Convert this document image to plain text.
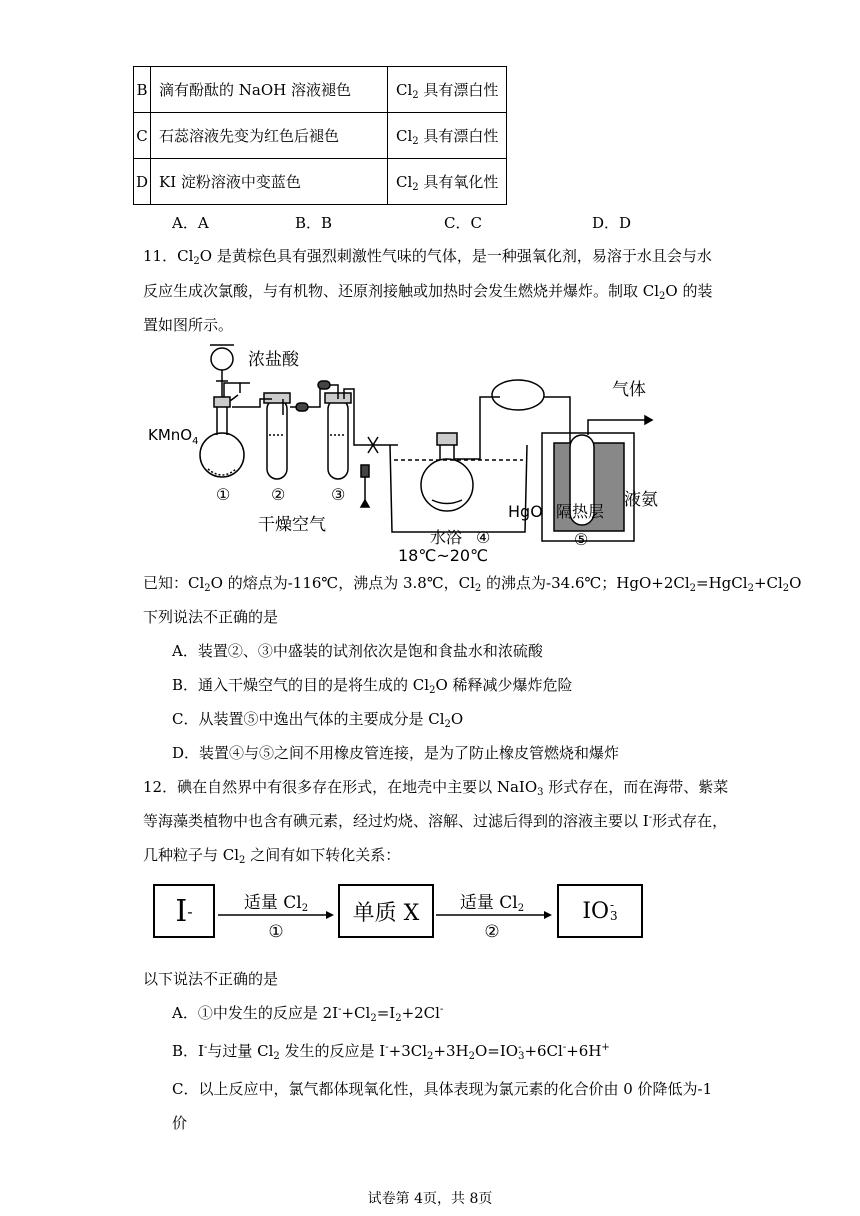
B	滴有酚酞的 NaOH 溶液褪色	$Cl_2$ 具有漂白性
C	石蕊溶液先变为红色后褪色	$Cl_2$ 具有漂白性
D	KI 淀粉溶液中变蓝色	$Cl_2$ 具有氧化性
A．A	B．B	C．C	D．D
11．$Cl_2O$ 是黄棕色具有强烈刺激性气味的气体，是一种强氧化剂，易溶于水且会与水
反应生成次氯酸，与有机物、还原剂接触或加热时会发生燃烧并爆炸。制取 $Cl_2O$ 的装
置如图所示。
浓盐酸
KMnO$_4$
①	②	③
干燥空气
HgO
水浴 ④
18℃~20℃
隔热层
⑤
液氨
气体
已知：$Cl_2O$ 的熔点为-116℃，沸点为 3.8℃，$Cl_2$ 的沸点为-34.6℃；$HgO+2Cl_2=HgCl_2+Cl_2O$
下列说法不正确的是
A．装置②、③中盛装的试剂依次是饱和食盐水和浓硫酸
B．通入干燥空气的目的是将生成的 $Cl_2O$ 稀释减少爆炸危险
C．从装置⑤中逸出气体的主要成分是 $Cl_2O$
D．装置④与⑤之间不用橡皮管连接，是为了防止橡皮管燃烧和爆炸
12．碘在自然界中有很多存在形式，在地壳中主要以 NaIO$_3$ 形式存在，而在海带、紫菜
等海藻类植物中也含有碘元素，经过灼烧、溶解、过滤后得到的溶液主要以 I-形式存在，
几种粒子与 $Cl_2$ 之间有如下转化关系：
I -	适量 $Cl_2$
①
单质 X	适量 $Cl_2$
②
IO -
3
以下说法不正确的是
A．①中发生的反应是 $2I^-+Cl_2=I_2+2Cl^-$
B．I-与过量 $Cl_2$ 发生的反应是 $I^-+3Cl_2+3H_2O=IO$ -
3 +6Cl-+6H+
C．以上反应中，氯气都体现氧化性，具体表现为氯元素的化合价由 0 价降低为-1
价
试卷第 4页，共 8页
